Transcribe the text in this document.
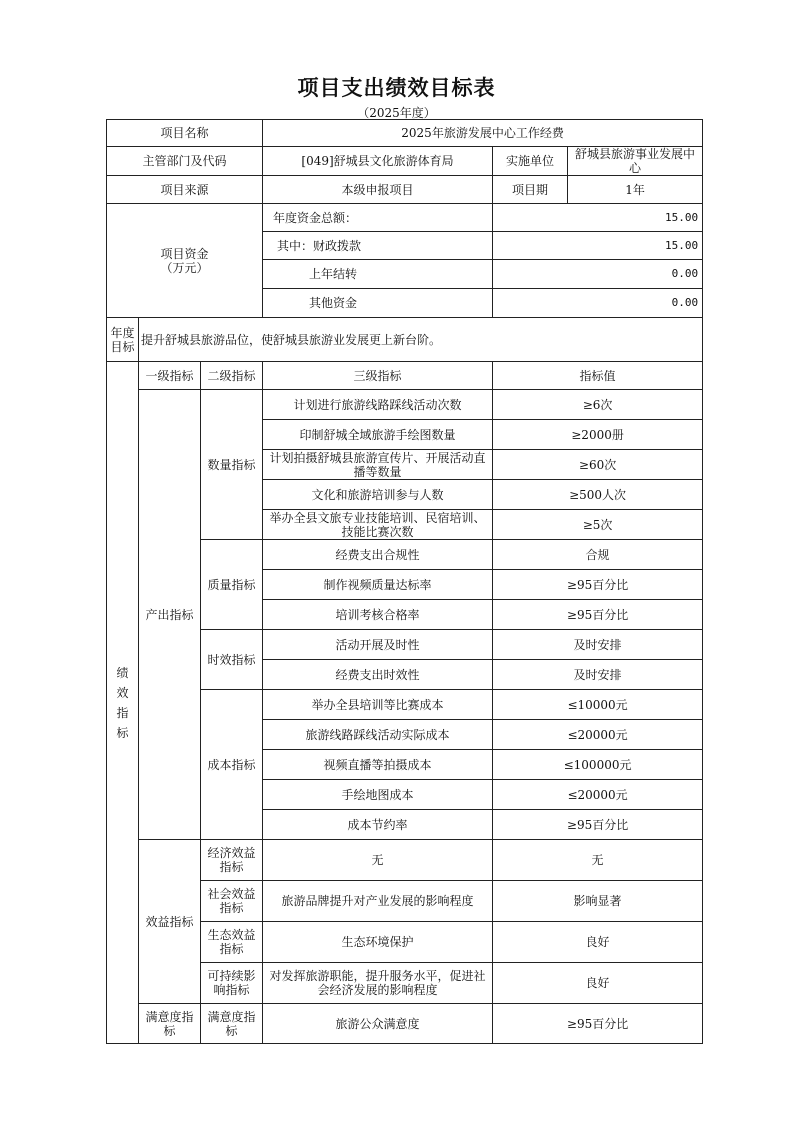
项目支出绩效目标表
（2025年度）
项目名称			2025年旅游发展中心工作经费		
主管部门及代码			[049]舒城县文化旅游体育局	实施单位	舒城县旅游事业发展中心
项目来源			本级申报项目	项目期	1年

项目资金
（万元）			年度资金总额：	15.00	
			其中：财政拨款	15.00	
			上年结转	0.00	
			其他资金	0.00	

年度
目标	提升舒城县旅游品位，使舒城县旅游业发展更上新台阶。				

绩
效
指
标	一级指标	二级指标	三级指标	指标值	
	产出指标	数量指标	计划进行旅游线路踩线活动次数	≥6次	
			印制舒城全域旅游手绘图数量	≥2000册	
			计划拍摄舒城县旅游宣传片、开展活动直播等数量	≥60次	
			文化和旅游培训参与人数	≥500人次	
			举办全县文旅专业技能培训、民宿培训、技能比赛次数	≥5次	
		质量指标	经费支出合规性	合规	
			制作视频质量达标率	≥95百分比	
			培训考核合格率	≥95百分比	
		时效指标	活动开展及时性	及时安排	
			经费支出时效性	及时安排	
		成本指标	举办全县培训等比赛成本	≤10000元	
			旅游线路踩线活动实际成本	≤20000元	
			视频直播等拍摄成本	≤100000元	
			手绘地图成本	≤20000元	
			成本节约率	≥95百分比	
	效益指标	经济效益指标	无	无	
		社会效益指标	旅游品牌提升对产业发展的影响程度	影响显著	
		生态效益指标	生态环境保护	良好	
		可持续影响指标	对发挥旅游职能，提升服务水平，促进社会经济发展的影响程度	良好	
	满意度指标	满意度指标	旅游公众满意度	≥95百分比	
